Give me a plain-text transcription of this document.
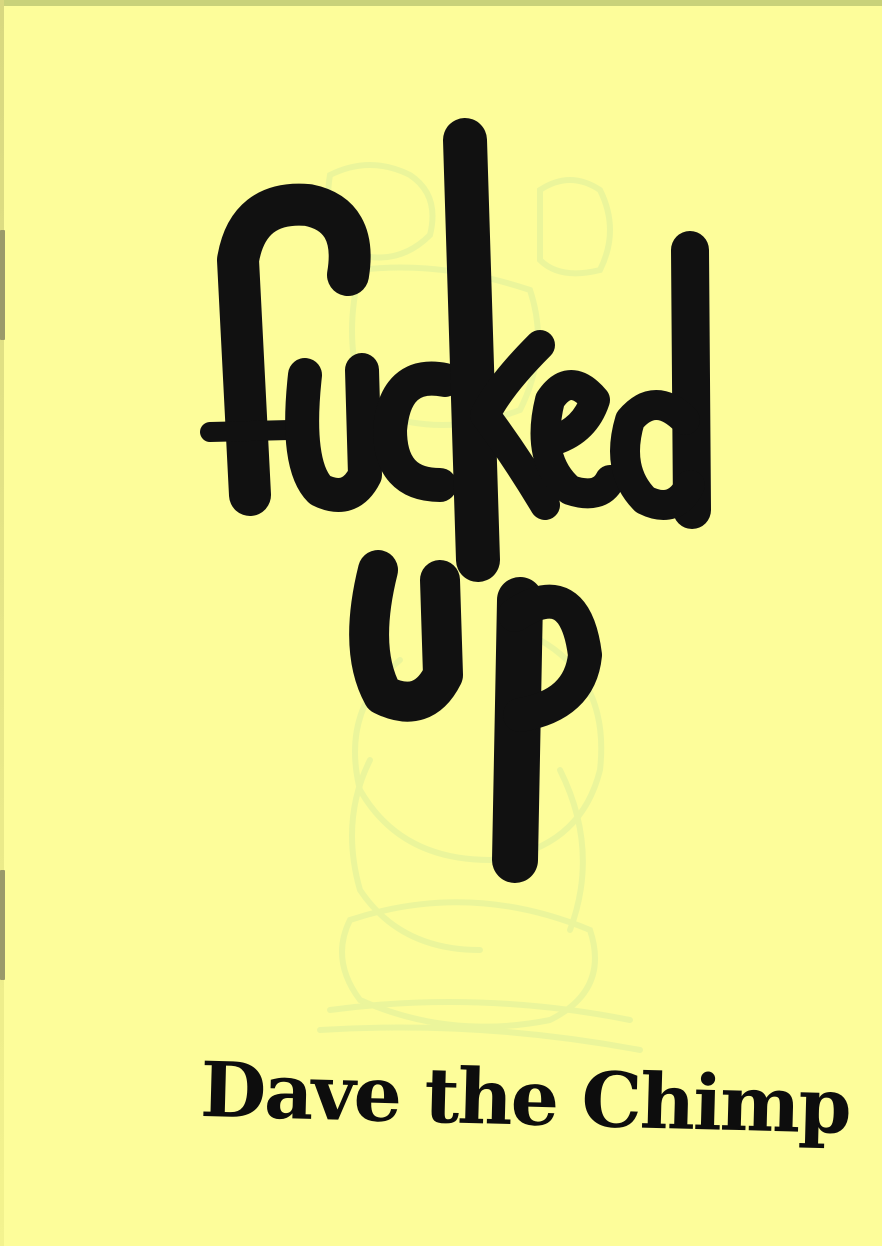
Dave the Chimp
